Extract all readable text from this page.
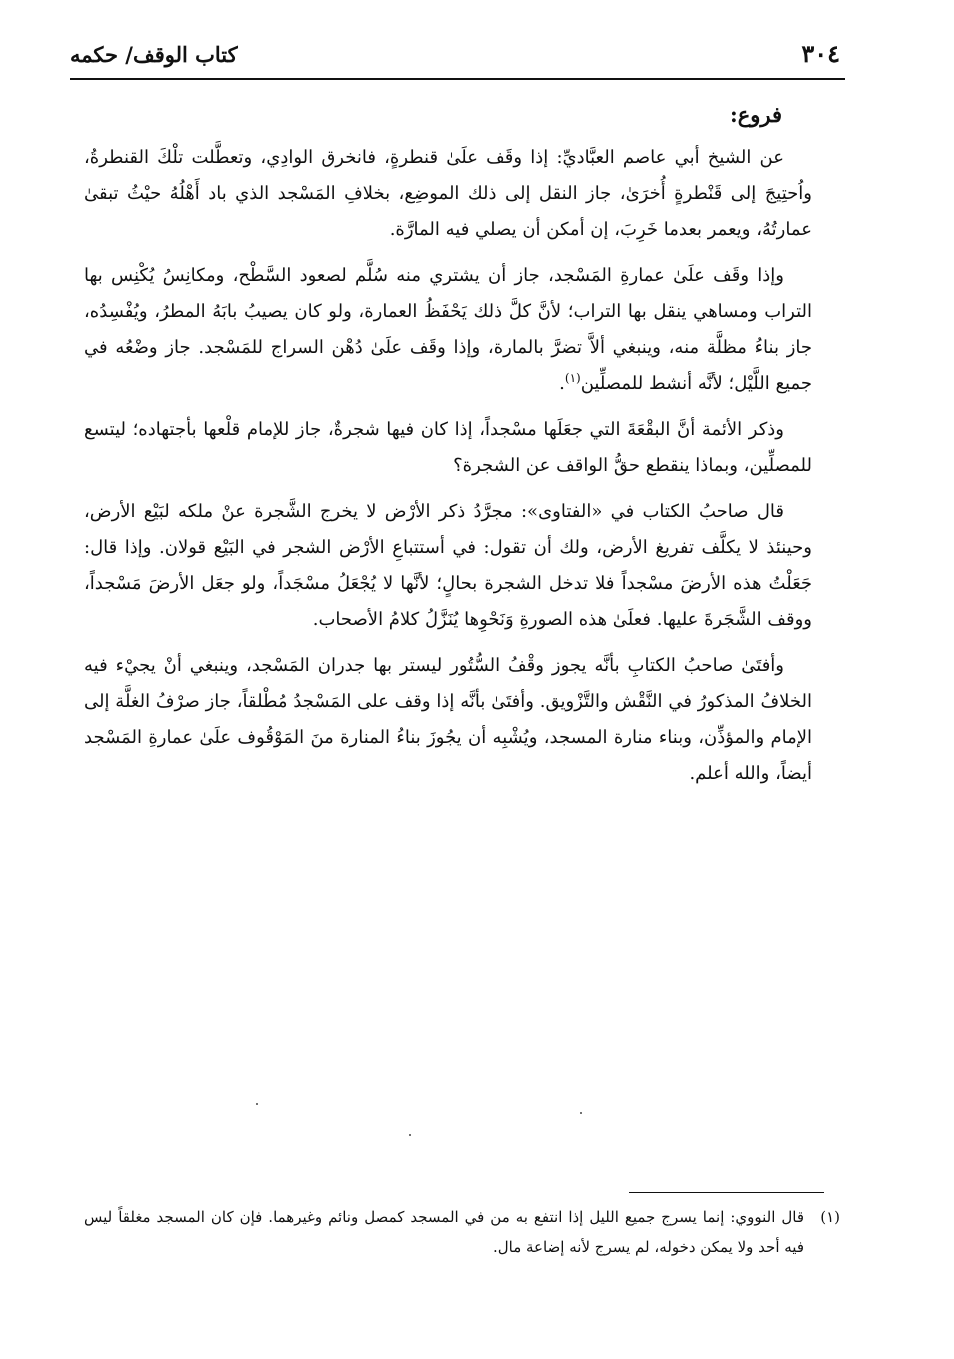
٣٠٤
كتاب الوقف/ حكمه
فروع:

عن الشيخ أبي عاصم العبَّاديِّ: إذا وقَف علَىٰ قنطرةٍ، فانخرق الوادِي، وتعطَّلت تلْكَ القنطرةُ، واُحتِيجَ إلى قَنْطرةٍ أُخرَىٰ، جاز النقل إلى ذلك الموضِع، بخلافِ المَسْجد الذي باد أَهْلُهُ حيْثُ تبقىٰ عمارتُهُ، ويعمر بعدما خَرِبَ، إن أمكن أن يصلي فيه المارَّة.

وإذا وقَف علَىٰ عمارةِ المَسْجد، جاز أن يشتري منه سُلَّم لصعود السَّطْح، ومكانِسُ يُكْنِس بها التراب ومساهي ينقل بها التراب؛ لأنَّ كلَّ ذلك يَحْفَظُ العمارة، ولو كان يصيبُ بابَهُ المطرُ، ويُفْسِدُه، جاز بناءُ مظلَّة منه، وينبغي ألاَّ تضرَّ بالمارة، وإذا وقَف علَىٰ دُهْن السراج للمَسْجد. جاز وضْعُه في جميع اللَّيْل؛ لأنَّه أنشط للمصلِّين$^{(١)}$.

وذكر الأئمة أنَّ البقْعَةَ التي جعَلَها مسْجداً، إذا كان فيها شجرةٌ، جاز للإمام قلْعها بأجتهاده؛ ليتسع للمصلِّين، وبماذا ينقطع حقُّ الواقف عن الشجرة؟

قال صاحبُ الكتاب في «الفتاوى»: مجرَّدُ ذكر الأرْض لا يخرج الشَّجرة عنْ ملكه لبَيْع الأرض، وحينئذ لا يكلَّف تفريغ الأرض، ولك أن تقول: في أستتباعِ الأرْض الشجر في البَيْع قولان. وإذا قال: جَعَلْتُ هذه الأرضَ مسْجداً فلا تدخل الشجرة بحالٍ؛ لأنَّها لا يُجْعَلُ مسْجَداً، ولو جعَل الأرضَ مَسْجداً، ووقف الشَّجَرةَ عليها. فعلَىٰ هذه الصورةِ وَنَحْوِها يُنَزَّلُ كلامُ الأصحاب.

وأفتَىٰ صاحبُ الكتابِ بأنَّه يجوز وقْفُ السُّتُور ليستر بها جدران المَسْجد، وينبغي أنْ يجيْء فيه الخلافُ المذكورُ في النَّقْش والتَّزْويق. وأفتَىٰ بأنَّه إذا وقف على المَسْجدُ مُطْلقاً، جاز صرْفُ الغلَّة إلى الإمام والمؤذِّن، وبناء منارة المسجد، ويُشْبِه أن يجُوزَ بناءُ المنارة منَ المَوْقُوف علَىٰ عمارةِ المَسْجد أيضاً، والله أعلم.

(١)
قال النووي: إنما يسرج جميع الليل إذا انتفع به من في المسجد كمصل ونائم وغيرهما. فإن كان المسجد مغلقاً ليس فيه أحد ولا يمكن دخوله، لم يسرج لأنه إضاعة مال.
